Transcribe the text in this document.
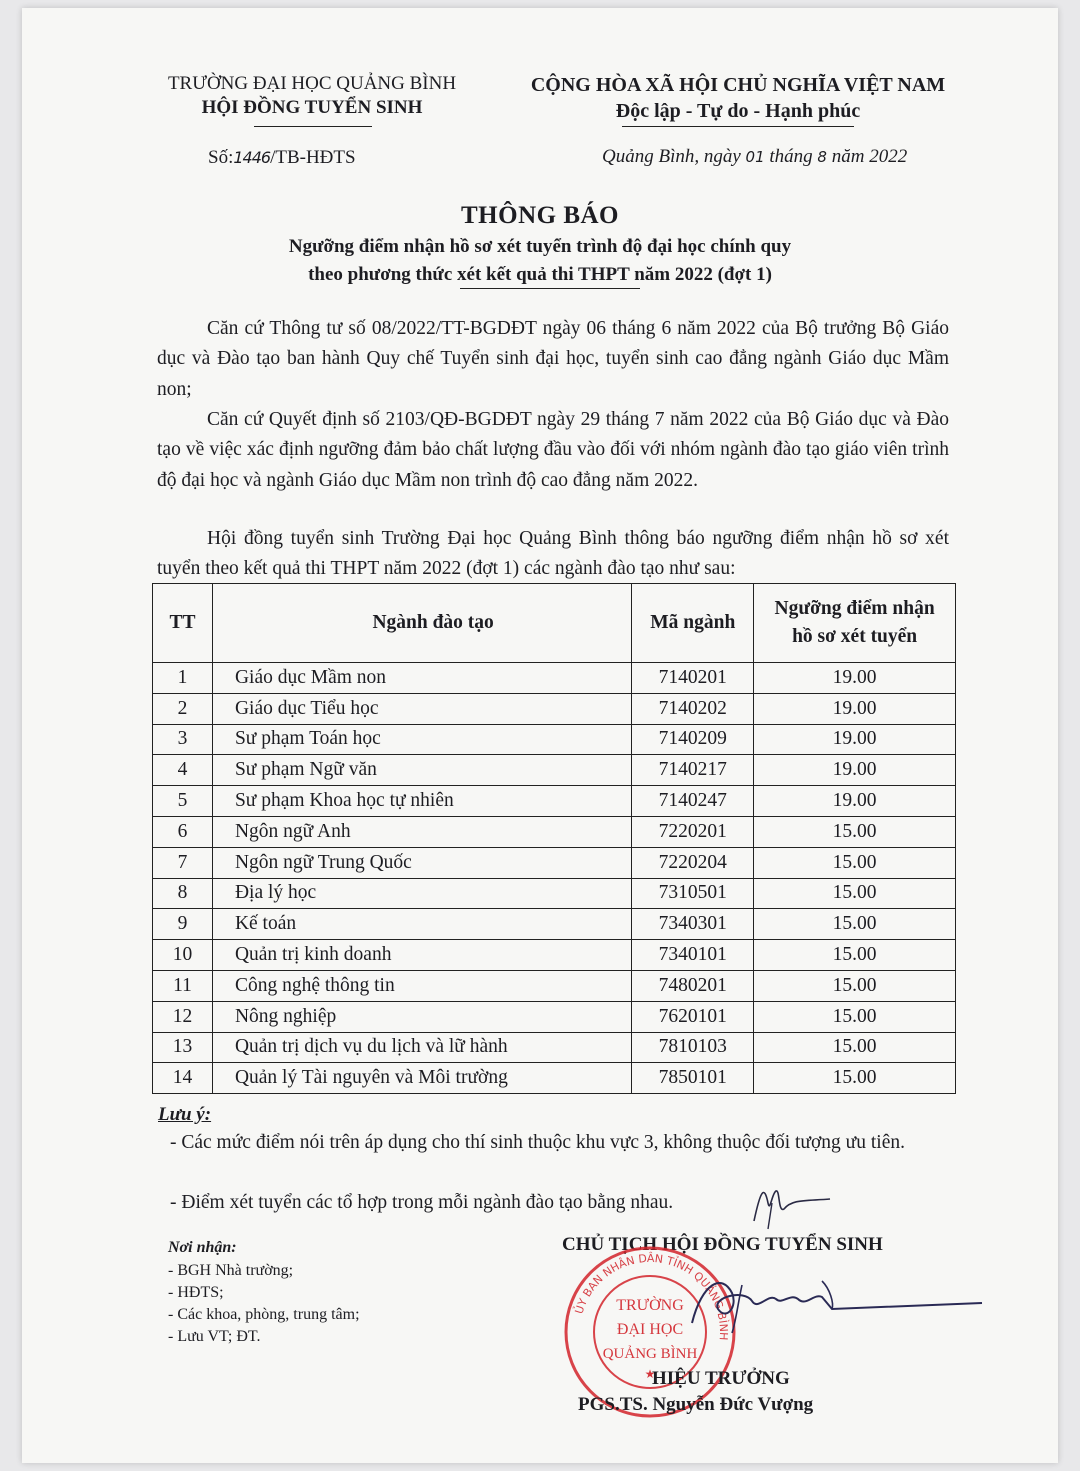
TRƯỜNG ĐẠI HỌC QUẢNG BÌNH
HỘI ĐỒNG TUYỂN SINH
CỘNG HÒA XÃ HỘI CHỦ NGHĨA VIỆT NAM
Độc lập - Tự do - Hạnh phúc
Số:1446/TB-HĐTS	Quảng Bình, ngày 01 tháng 8 năm 2022
THÔNG BÁO
Ngưỡng điểm nhận hồ sơ xét tuyển trình độ đại học chính quy
theo phương thức xét kết quả thi THPT năm 2022 (đợt 1)

Căn cứ Thông tư số 08/2022/TT-BGDĐT ngày 06 tháng 6 năm 2022 của Bộ trưởng Bộ Giáo dục và Đào tạo ban hành Quy chế Tuyển sinh đại học, tuyển sinh cao đẳng ngành Giáo dục Mầm non;

Căn cứ Quyết định số 2103/QĐ-BGDĐT ngày 29 tháng 7 năm 2022 của Bộ Giáo dục và Đào tạo về việc xác định ngưỡng đảm bảo chất lượng đầu vào đối với nhóm ngành đào tạo giáo viên trình độ đại học và ngành Giáo dục Mầm non trình độ cao đẳng năm 2022.

Hội đồng tuyển sinh Trường Đại học Quảng Bình thông báo ngưỡng điểm nhận hồ sơ xét tuyển theo kết quả thi THPT năm 2022 (đợt 1) các ngành đào tạo như sau:

TT	Ngành đào tạo	Mã ngành	Ngưỡng điểm nhận
hồ sơ xét tuyển

1	Giáo dục Mầm non	7140201	19.00
2	Giáo dục Tiểu học	7140202	19.00
3	Sư phạm Toán học	7140209	19.00
4	Sư phạm Ngữ văn	7140217	19.00
5	Sư phạm Khoa học tự nhiên	7140247	19.00
6	Ngôn ngữ Anh	7220201	15.00
7	Ngôn ngữ Trung Quốc	7220204	15.00
8	Địa lý học	7310501	15.00
9	Kế toán	7340301	15.00
10	Quản trị kinh doanh	7340101	15.00
11	Công nghệ thông tin	7480201	15.00
12	Nông nghiệp	7620101	15.00
13	Quản trị dịch vụ du lịch và lữ hành	7810103	15.00
14	Quản lý Tài nguyên và Môi trường	7850101	15.00
Lưu ý:
- Các mức điểm nói trên áp dụng cho thí sinh thuộc khu vực 3, không thuộc đối tượng ưu tiên.
- Điểm xét tuyển các tổ hợp trong mỗi ngành đào tạo bằng nhau.
Nơi nhận:
- BGH Nhà trường;
- HĐTS;
- Các khoa, phòng, trung tâm;
- Lưu VT; ĐT.
CHỦ TỊCH HỘI ĐỒNG TUYỂN SINH
ỦY BAN NHÂN DÂN TỈNH QUẢNG BÌNH
TRƯỜNG
ĐẠI HỌC
QUẢNG BÌNH
★
HIỆU TRƯỞNG
PGS.TS. Nguyễn Đức Vượng
